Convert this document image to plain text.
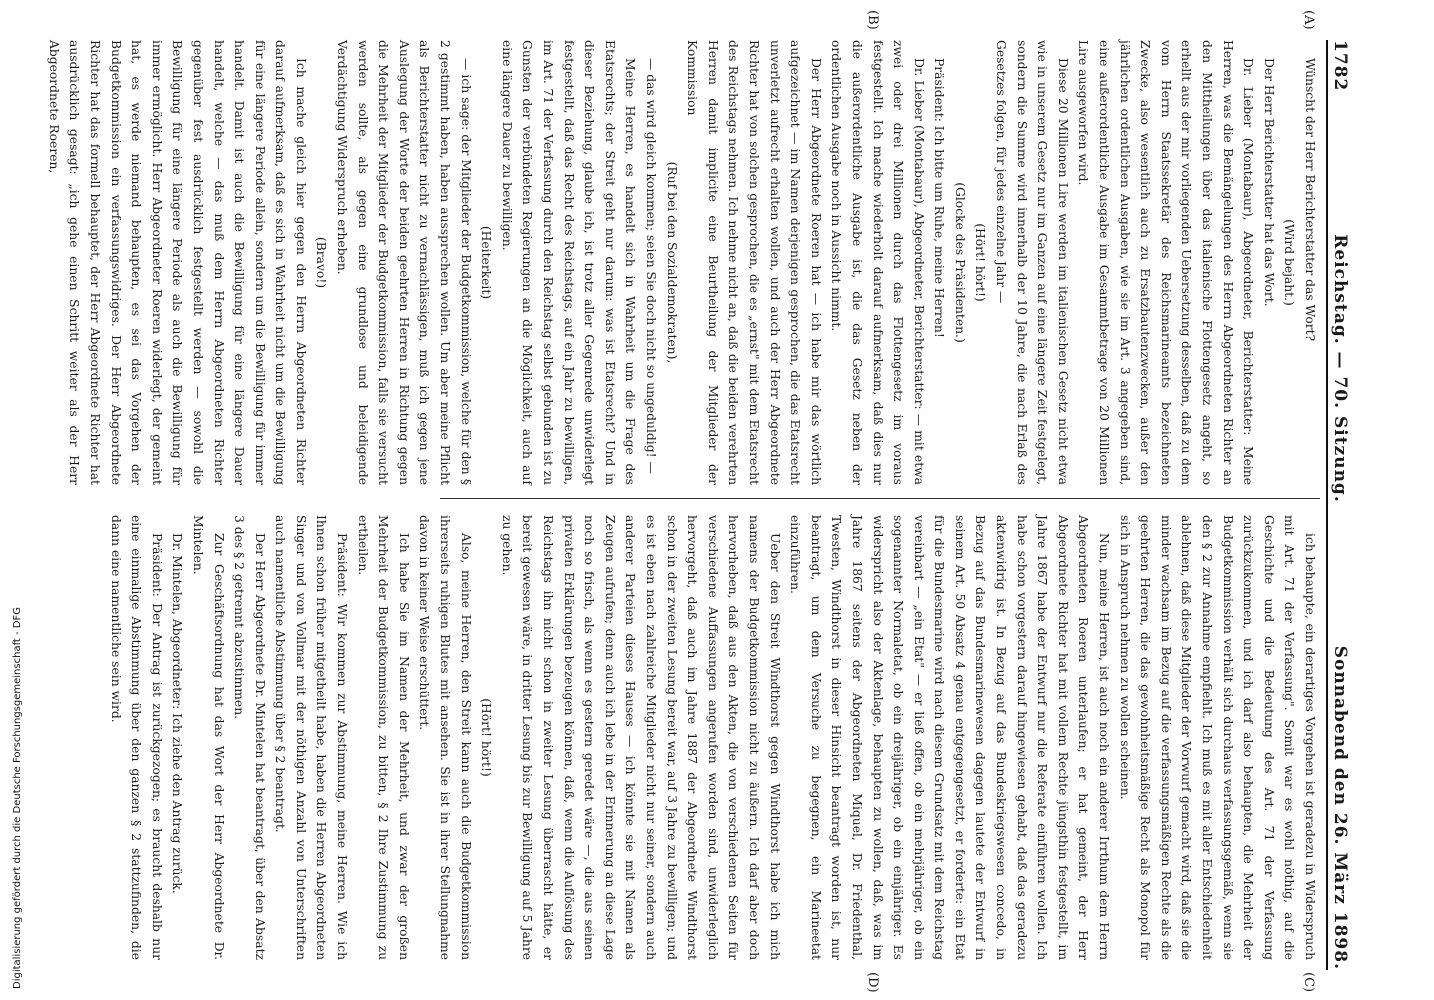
1782
Reichstag. — 70. Sitzung.
Sonnabend den 26. März 1898.
(A)
(B)
(C)
(D)

Wünscht der Herr Berichterstatter das Wort?

(Wird bejaht.)

Der Herr Berichterstatter hat das Wort.

Dr. Lieber (Montabaur), Abgeordneter, Berichterstatter: Meine Herren, was die Bemängelungen des Herrn Abgeordneten Richter an den Mittheilungen über das italienische Flottengesetz angeht, so erhellt aus der mir vorliegenden Uebersetzung desselben, daß zu dem vom Herrn Staatssekretär des Reichsmarineamts bezeichneten Zwecke, also wesentlich auch zu Ersatzbautenzwecken, außer den jährlichen ordentlichen Ausgaben, wie sie im Art. 3 angegeben sind, eine außerordentliche Ausgabe im Gesammtbetrage von 20 Millionen Lire ausgeworfen wird.

Diese 20 Millionen Lire werden im italienischen Gesetz nicht etwa wie in unserem Gesetz nur im Ganzen auf eine längere Zeit festgelegt, sondern die Summe wird innerhalb der 10 Jahre, die nach Erlaß des Gesetzes folgen, für jedes einzelne Jahr —

(Hört! hört!)

(Glocke des Präsidenten.)

Präsident: Ich bitte um Ruhe, meine Herren!

Dr. Lieber (Montabaur), Abgeordneter, Berichterstatter: — mit etwa zwei oder drei Millionen durch das Flottengesetz im voraus festgestellt. Ich mache wiederholt darauf aufmerksam, daß dies nur die außerordentliche Ausgabe ist, die das Gesetz neben der ordentlichen Ausgabe noch in Aussicht nimmt.

Der Herr Abgeordnete Roeren hat — ich habe mir das wörtlich aufgezeichnet — im Namen derjenigen gesprochen, die das Etatsrecht unverletzt aufrecht erhalten wollen, und auch der Herr Abgeordnete Richter hat von solchen gesprochen, die es „ernst" mit dem Etatsrecht des Reichstags nehmen. Ich nehme nicht an, daß die beiden verehrten Herren damit implicite eine Beurtheilung der Mitglieder der Kommission

(Ruf bei den Sozialdemokraten),

— das wird gleich kommen; seien Sie doch nicht so ungeduldig! —

Meine Herren, es handelt sich in Wahrheit um die Frage des Etatsrechts; der Streit geht nur darum: was ist Etatsrecht? Und in dieser Beziehung, glaube ich, ist trotz aller Gegenrede unwiderlegt festgestellt, daß das Recht des Reichstags, auf ein Jahr zu bewilligen, im Art. 71 der Verfassung durch den Reichstag selbst gebunden ist zu Gunsten der verbündeten Regierungen an die Möglichkeit, auch auf eine längere Dauer zu bewilligen.

(Heiterkeit)

— ich sage: der Mitglieder der Budgetkommission, welche für den § 2 gestimmt haben, haben aussprechen wollen. Um aber meine Pflicht als Berichterstatter nicht zu vernachlässigen, muß ich gegen jene Auslegung der Worte der beiden geehrten Herren in Richtung gegen die Mehrheit der Mitglieder der Budgetkommission, falls sie versucht werden sollte, als gegen eine grundlose und beleidigende Verdächtigung Widerspruch erheben.

(Bravo!)

Ich mache gleich hier gegen den Herrn Abgeordneten Richter darauf aufmerksam, daß es sich in Wahrheit nicht um die Bewilligung für eine längere Periode allein, sondern um die Bewilligung für immer handelt. Damit ist auch die Bewilligung für eine längere Dauer handelt, welche — das muß dem Herrn Abgeordneten Richter gegenüber fest ausdrücklich festgestellt werden — sowohl die Bewilligung für eine längere Periode als auch die Bewilligung für immer ermöglicht. Herr Abgeordneter Roeren widerlegt, der gemeint hat, es werde niemand behaupten, es sei das Vorgehen der Budgetkommission ein verfassungswidriges. Der Herr Abgeordnete Richter hat das formell behauptet, der Herr Abgeordnete Richter hat ausdrücklich gesagt: „ich gehe einen Schritt weiter als der Herr Abgeordnete Roeren,

ich behaupte, ein derartiges Vorgehen ist geradezu in Widerspruch mit Art. 71 der Verfassung". Somit war es wohl nöthig, auf die Geschichte und die Bedeutung des Art. 71 der Verfassung zurückzukommen, und ich darf also behaupten, die Mehrheit der Budgetkommission verhält sich durchaus verfassungsgemäß, wenn sie den § 2 zur Annahme empfiehlt. Ich muß es mit aller Entschiedenheit ablehnen, daß diese Mitglieder der Vorwurf gemacht wird, daß sie die minder wachsam im Bezug auf die verfassungsmäßigen Rechte als die geehrten Herren, die das gewohnheitsmäßige Recht als Monopol für sich in Anspruch nehmen zu wollen scheinen.

Nun, meine Herren, ist auch noch ein anderer Irrthum dem Herrn Abgeordneten Roeren unterlaufen; er hat gemeint, der Herr Abgeordnete Richter hat mit vollem Rechte jüngsthin festgestellt, im Jahre 1867 habe der Entwurf nur die Referate einführen wollen. Ich habe schon vorgestern darauf hingewiesen gehabt, daß das geradezu aktenwidrig ist. In Bezug auf das Bundeskriegswesen concedo, in Bezug auf das Bundesmarinewesen dagegen lautete der Entwurf in seinem Art. 50 Absatz 4 genau entgegengesetzt, er forderte: ein Etat für die Bundesmarine wird nach diesem Grundsatz mit dem Reichstag vereinbart — „ein Etat" — er ließ offen, ob ein mehrjähriger, ob ein sogenannter Normaletat, ob ein dreijähriger, ob ein einjähriger. Es widerspricht also der Aktenlage, behaupten zu wollen, daß, was im Jahre 1867 seitens der Abgeordneten Miquel, Dr. Friedenthal, Twesten, Windthorst in dieser Hinsicht beantragt worden ist, nur beantragt, um dem Versuche zu begegnen, ein Marineetat einzuführen.

Ueber den Streit Windthorst gegen Windthorst habe ich mich namens der Budgetkommission nicht zu äußern. Ich darf aber doch hervorheben, daß aus den Akten, die von verschiedenen Seiten für verschiedene Auffassungen angerufen worden sind, unwiderleglich hervorgeht, daß auch im Jahre 1887 der Abgeordnete Windthorst schon in der zweiten Lesung bereit war, auf 3 Jahre zu bewilligen; und es ist eben nach zahlreiche Mitglieder nicht nur seiner, sondern auch anderer Parteien dieses Hauses — ich könnte sie mit Namen als Zeugen aufrufen; denn auch ich lebe in der Erinnerung an diese Lage noch so frisch, als wenn es gestern geredet wäre —, die aus seinen privaten Erklärungen bezeugen können, daß, wenn die Auflösung des Reichstags ihn nicht schon in zweiter Lesung überrascht hätte, er bereit gewesen wäre, in dritter Lesung bis zur Bewilligung auf 5 Jahre zu gehen.

(Hört! hört!)

Also, meine Herren, den Streit kann auch die Budgetkommission ihrerseits ruhigen Blutes mit ansehen. Sie ist in ihrer Stellungnahme davon in keiner Weise erschüttert.

Ich habe Sie im Namen der Mehrheit, und zwar der großen Mehrheit der Budgetkommission, zu bitten, § 2 Ihre Zustimmung zu ertheilen.

Präsident: Wir kommen zur Abstimmung, meine Herren. Wie ich Ihnen schon früher mitgetheilt habe, haben die Herren Abgeordneten Singer und von Vollmar mit der nöthigen Anzahl von Unterschriften auch namentliche Abstimmung über § 2 beantragt.

Der Herr Abgeordnete Dr. Mintelen hat beantragt, über den Absatz 3 des § 2 getrennt abzustimmen.

Zur Geschäftsordnung hat das Wort der Herr Abgeordnete Dr. Mintelen.

Dr. Mintelen, Abgeordneter: Ich ziehe den Antrag zurück.

Präsident: Der Antrag ist zurückgezogen; es braucht deshalb nur eine einmalige Abstimmung über den ganzen § 2 stattzufinden, die dann eine namentliche sein wird.

Digitalisierung gefördert durch die Deutsche Forschungsgemeinschaft - DFG
